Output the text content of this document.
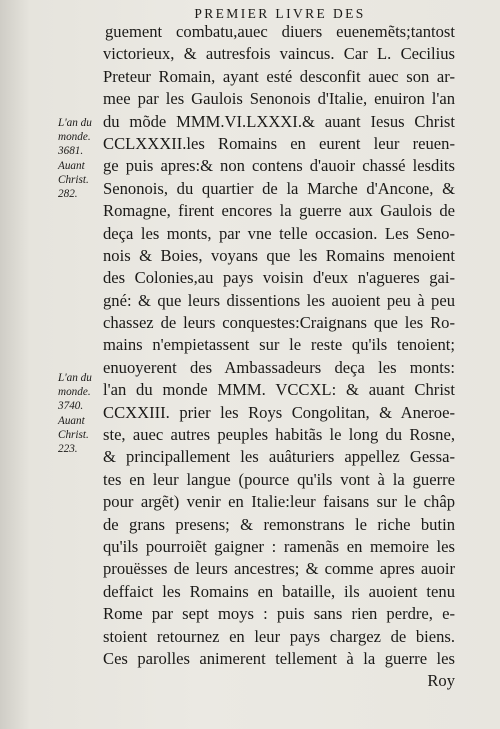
PREMIER LIVRE DES
guement combatu,auec diuers euenemẽts;tantost
victorieux, & autresfois vaincus. Car L. Cecilius
Preteur Romain, ayant esté desconfit auec son ar-
mee par les Gaulois Senonois d'Italie, enuiron l'an
du mõde MMM.VI.LXXXI.& auant Iesus Christ
CCLXXXII.les Romains en eurent leur reuen-
ge puis apres:& non contens d'auoir chassé lesdits
Senonois, du quartier de la Marche d'Ancone, &
Romagne, firent encores la guerre aux Gaulois de
deça les monts, par vne telle occasion. Les Seno-
nois & Boies, voyans que les Romains menoient
des Colonies,au pays voisin d'eux n'agueres gai-
gné: & que leurs dissentions les auoient peu à peu
chassez de leurs conquestes:Craignans que les Ro-
mains n'empietassent sur le reste qu'ils tenoient;
enuoyerent des Ambassadeurs deça les monts:
l'an du monde MMM. VCCXL: & auant Christ
CCXXIII. prier les Roys Congolitan, & Aneroe-
ste, auec autres peuples habitãs le long du Rosne,
& principallement les auâturiers appellez Gessa-
tes en leur langue (pource qu'ils vont à la guerre
pour argẽt) venir en Italie:leur faisans sur le châp
de grans presens; & remonstrans le riche butin
qu'ils pourroiẽt gaigner : ramenãs en memoire les
prouësses de leurs ancestres; & comme apres auoir
deffaict les Romains en bataille, ils auoient tenu
Rome par sept moys : puis sans rien perdre, e-
stoient retournez en leur pays chargez de biens.
Ces parolles animerent tellement à la guerre les
Roy
L'an du
monde.
3681.
Auant
Christ.
282.
L'an du
monde.
3740.
Auant
Christ.
223.
